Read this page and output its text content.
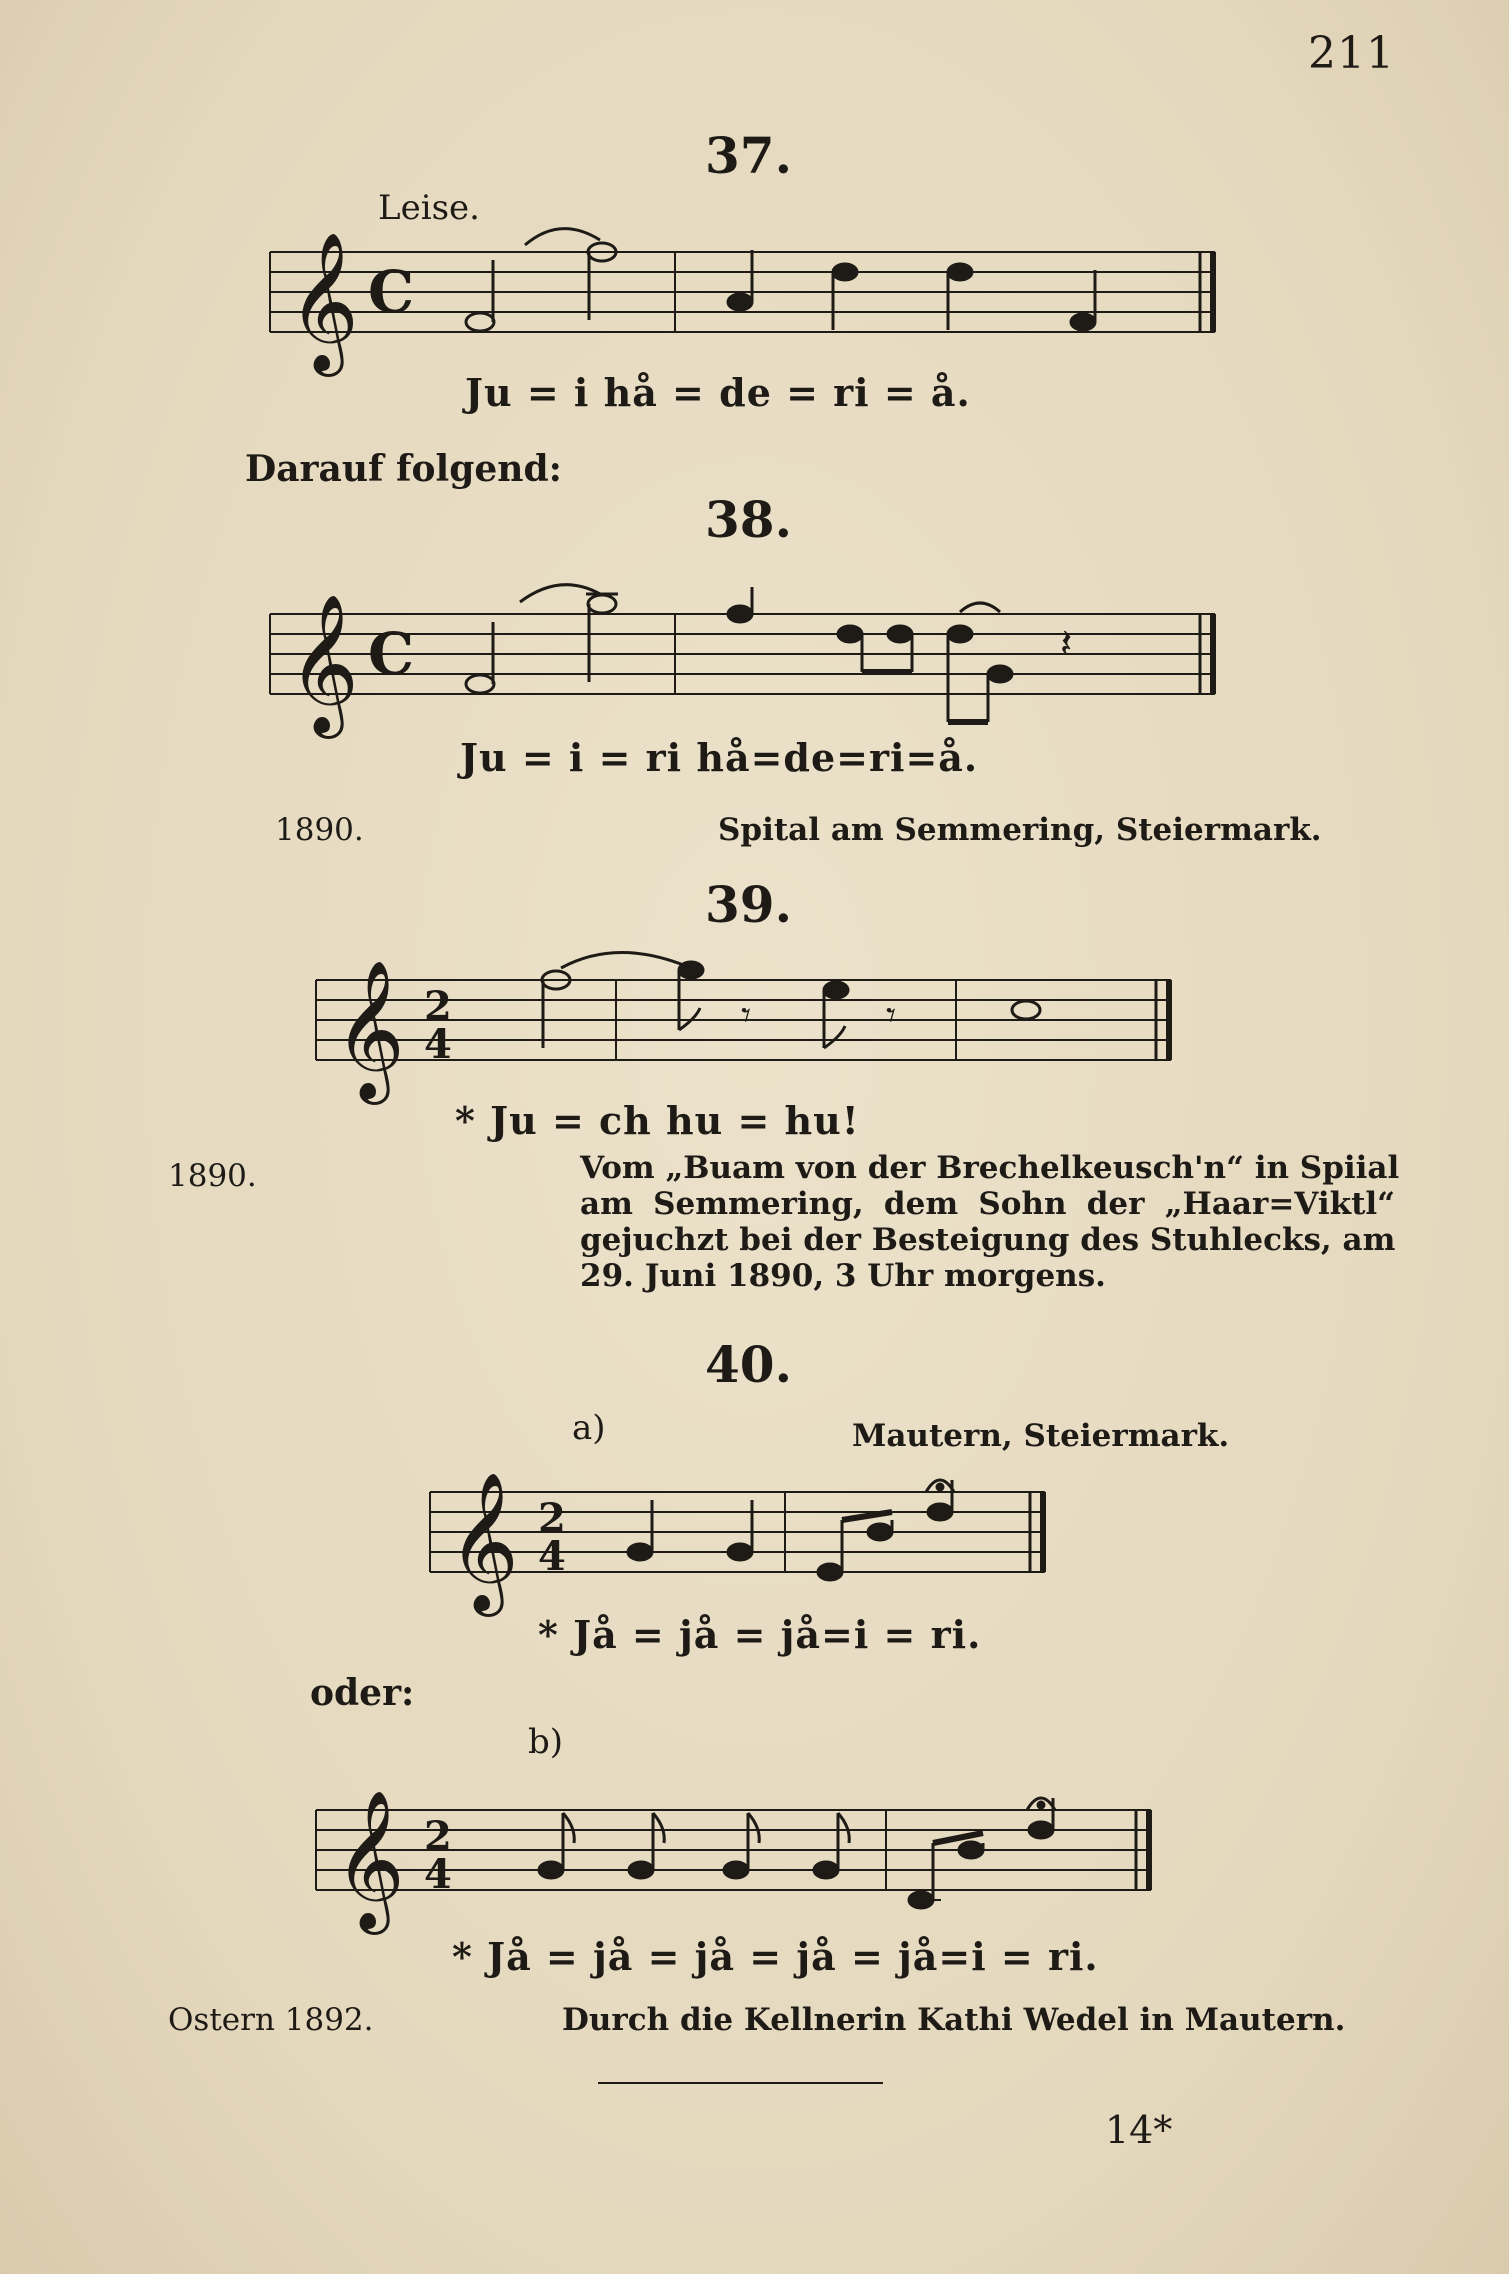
211
37.
Leise.
𝄞 C
Ju = i hå = de = ri = å.
Darauf folgend:
38.
𝄞 C	𝄽
Ju = i = ri hå=de=ri=å.
1890.	Spital am Semmering, Steiermark.
39.
𝄞 2
4
𝄾	𝄾
* Ju = ch hu = hu!
1890.	Vom „Buam von der Brechelkeusch'n“ in Spiial
am Semmering, dem Sohn der „Haar=Viktl“
gejuchzt bei der Besteigung des Stuhlecks, am
29. Juni 1890, 3 Uhr morgens.
40.
a)	Mautern, Steiermark.
𝄞 2
4
* Jå = jå = jå=i = ri.
oder:
b)
𝄞 2
4
* Jå = jå = jå = jå = jå=i = ri.
Ostern 1892.	Durch die Kellnerin Kathi Wedel in Mautern.
14*
